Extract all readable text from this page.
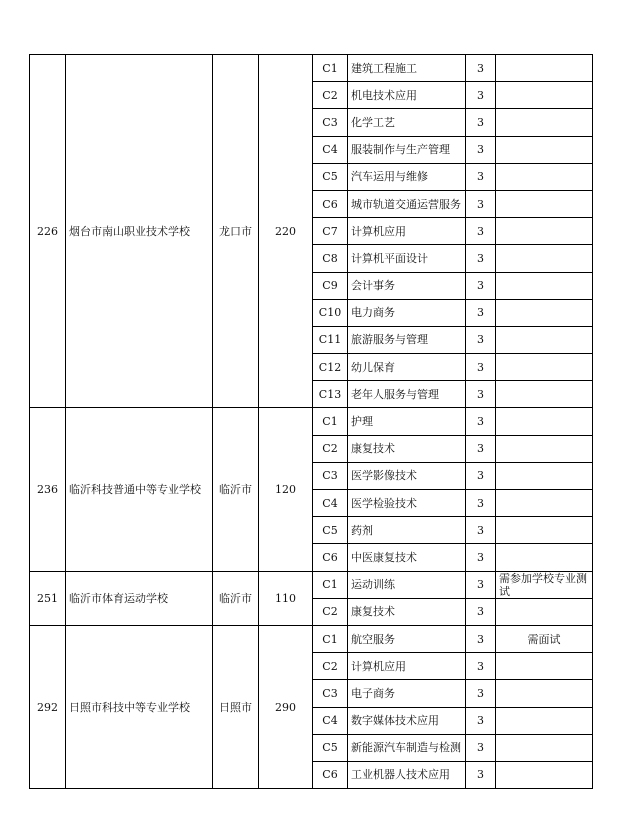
226	烟台市南山职业技术学校	龙口市	220	C1	建筑工程施工	3	
				C2	机电技术应用	3	
				C3	化学工艺	3	
				C4	服装制作与生产管理	3	
				C5	汽车运用与维修	3	
				C6	城市轨道交通运营服务	3	
				C7	计算机应用	3	
				C8	计算机平面设计	3	
				C9	会计事务	3	
				C10	电力商务	3	
				C11	旅游服务与管理	3	
				C12	幼儿保育	3	
				C13	老年人服务与管理	3	
236	临沂科技普通中等专业学校	临沂市	120	C1	护理	3	
				C2	康复技术	3	
				C3	医学影像技术	3	
				C4	医学检验技术	3	
				C5	药剂	3	
				C6	中医康复技术	3	
251	临沂市体育运动学校	临沂市	110	C1	运动训练	3	需参加学校专业测试
				C2	康复技术	3	
292	日照市科技中等专业学校	日照市	290	C1	航空服务	3	需面试
				C2	计算机应用	3	
				C3	电子商务	3	
				C4	数字媒体技术应用	3	
				C5	新能源汽车制造与检测	3	
				C6	工业机器人技术应用	3	
